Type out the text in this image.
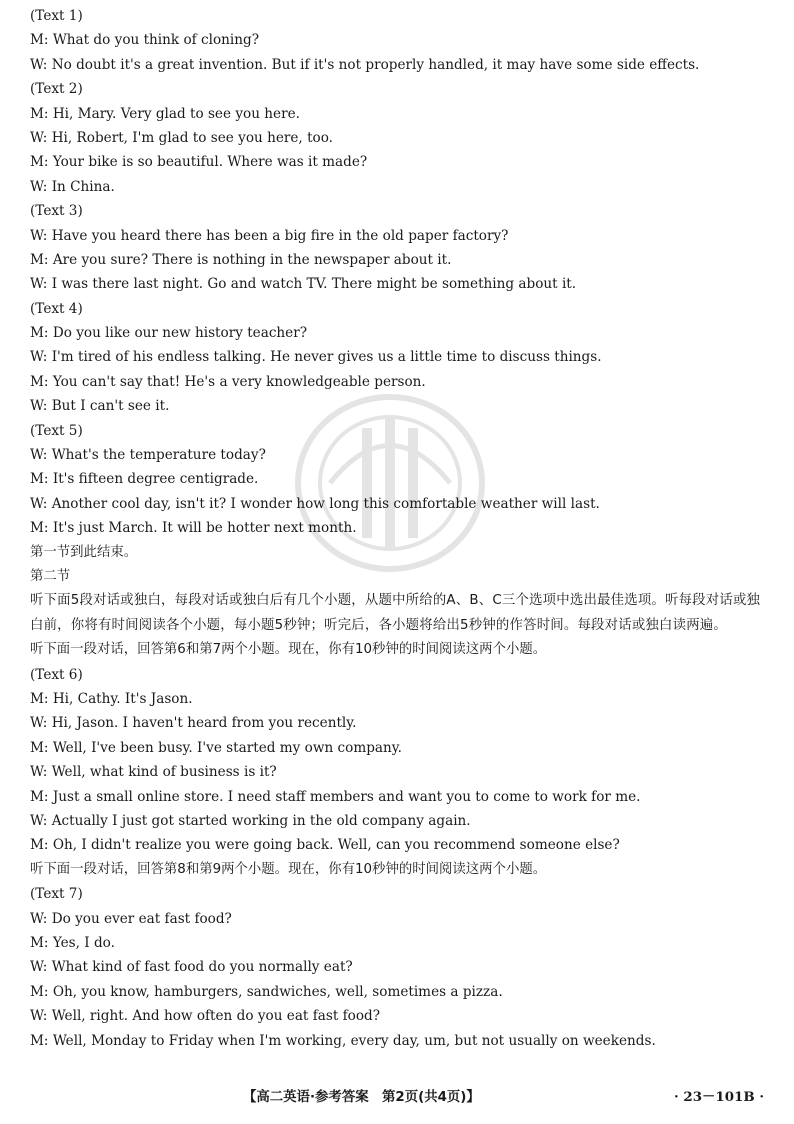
(Text 1)
M: What do you think of cloning?
W: No doubt it's a great invention. But if it's not properly handled, it may have some side effects.
(Text 2)
M: Hi, Mary. Very glad to see you here.
W: Hi, Robert, I'm glad to see you here, too.
M: Your bike is so beautiful. Where was it made?
W: In China.
(Text 3)
W: Have you heard there has been a big fire in the old paper factory?
M: Are you sure? There is nothing in the newspaper about it.
W: I was there last night. Go and watch TV. There might be something about it.
(Text 4)
M: Do you like our new history teacher?
W: I'm tired of his endless talking. He never gives us a little time to discuss things.
M: You can't say that! He's a very knowledgeable person.
W: But I can't see it.
(Text 5)
W: What's the temperature today?
M: It's fifteen degree centigrade.
W: Another cool day, isn't it? I wonder how long this comfortable weather will last.
M: It's just March. It will be hotter next month.
第一节到此结束。
第二节
听下面5段对话或独白，每段对话或独白后有几个小题，从题中所给的A、B、C三个选项中选出最佳选项。听每段对话或独白前，你将有时间阅读各个小题，每小题5秒钟；听完后，各小题将给出5秒钟的作答时间。每段对话或独白读两遍。
听下面一段对话，回答第6和第7两个小题。现在，你有10秒钟的时间阅读这两个小题。
(Text 6)
M: Hi, Cathy. It's Jason.
W: Hi, Jason. I haven't heard from you recently.
M: Well, I've been busy. I've started my own company.
W: Well, what kind of business is it?
M: Just a small online store. I need staff members and want you to come to work for me.
W: Actually I just got started working in the old company again.
M: Oh, I didn't realize you were going back. Well, can you recommend someone else?
听下面一段对话，回答第8和第9两个小题。现在，你有10秒钟的时间阅读这两个小题。
(Text 7)
W: Do you ever eat fast food?
M: Yes, I do.
W: What kind of fast food do you normally eat?
M: Oh, you know, hamburgers, sandwiches, well, sometimes a pizza.
W: Well, right. And how often do you eat fast food?
M: Well, Monday to Friday when I'm working, every day, um, but not usually on weekends.
【高二英语·参考答案　第2页(共4页)】	· 23－101B ·
